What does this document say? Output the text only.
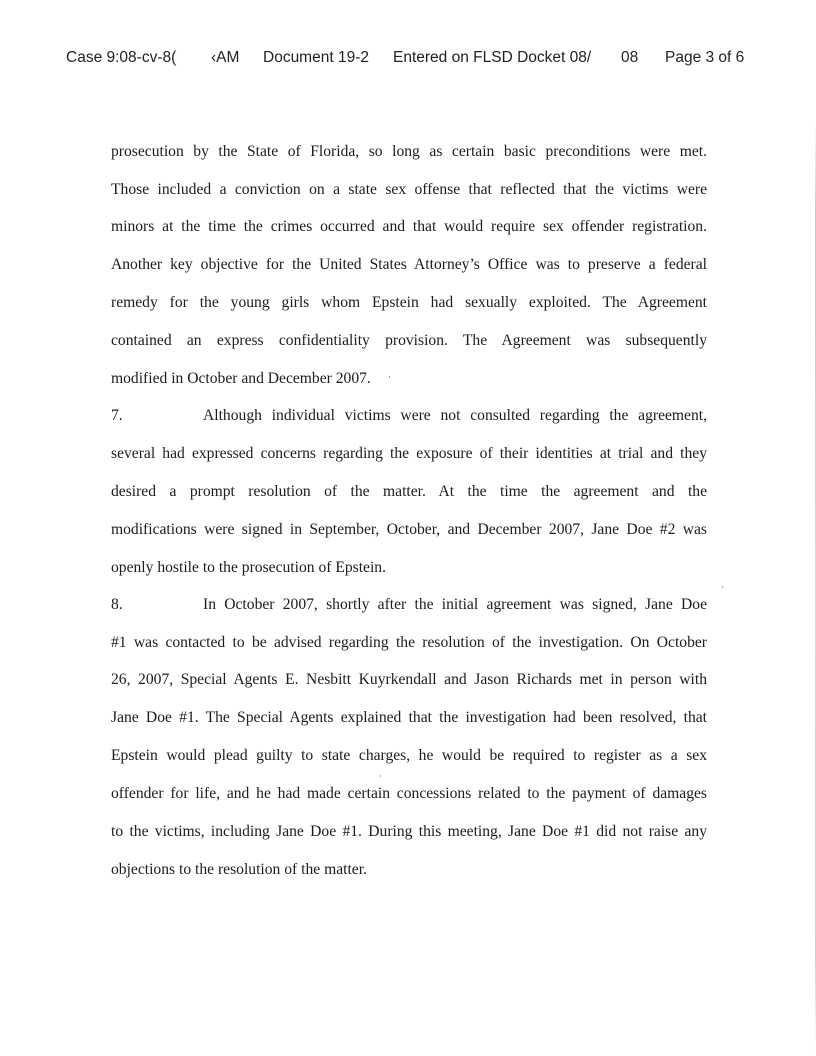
Case 9:08-cv-8( ‹AM Document 19-2 Entered on FLSD Docket 08/ 08 Page 3 of 6
prosecution by the State of Florida, so long as certain basic preconditions were met.
Those included a conviction on a state sex offense that reflected that the victims were
minors at the time the crimes occurred and that would require sex offender registration.
Another key objective for the United States Attorney’s Office was to preserve a federal
remedy for the young girls whom Epstein had sexually exploited. The Agreement
contained an express confidentiality provision. The Agreement was subsequently
modified in October and December 2007.
7.	Although individual victims were not consulted regarding the agreement,
several had expressed concerns regarding the exposure of their identities at trial and they
desired a prompt resolution of the matter. At the time the agreement and the
modifications were signed in September, October, and December 2007, Jane Doe #2 was
openly hostile to the prosecution of Epstein.
8.	In October 2007, shortly after the initial agreement was signed, Jane Doe
#1 was contacted to be advised regarding the resolution of the investigation. On October
26, 2007, Special Agents E. Nesbitt Kuyrkendall and Jason Richards met in person with
Jane Doe #1. The Special Agents explained that the investigation had been resolved, that
Epstein would plead guilty to state charges, he would be required to register as a sex
offender for life, and he had made certain concessions related to the payment of damages
to the victims, including Jane Doe #1. During this meeting, Jane Doe #1 did not raise any
objections to the resolution of the matter.
